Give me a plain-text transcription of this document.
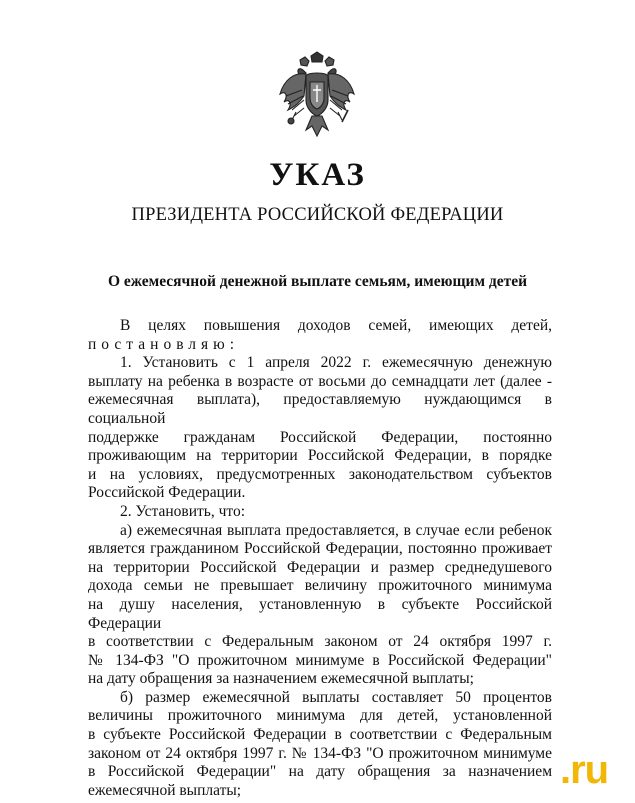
УКАЗ
ПРЕЗИДЕНТА РОССИЙСКОЙ ФЕДЕРАЦИИ
О ежемесячной денежной выплате семьям, имеющим детей

В целях повышения доходов семей, имеющих детей,

постановляю:

1. Установить с 1 апреля 2022 г. ежемесячную денежную

выплату на ребенка в возрасте от восьми до семнадцати лет (далее -

ежемесячная выплата), предоставляемую нуждающимся в социальной

поддержке гражданам Российской Федерации, постоянно

проживающим на территории Российской Федерации, в порядке

и на условиях, предусмотренных законодательством субъектов

Российской Федерации.

2. Установить, что:

а) ежемесячная выплата предоставляется, в случае если ребенок

является гражданином Российской Федерации, постоянно проживает

на территории Российской Федерации и размер среднедушевого

дохода семьи не превышает величину прожиточного минимума

на душу населения, установленную в субъекте Российской Федерации

в соответствии с Федеральным законом от 24 октября 1997 г.

№ 134-ФЗ "О прожиточном минимуме в Российской Федерации"

на дату обращения за назначением ежемесячной выплаты;

б) размер ежемесячной выплаты составляет 50 процентов

величины прожиточного минимума для детей, установленной

в субъекте Российской Федерации в соответствии с Федеральным

законом от 24 октября 1997 г. № 134-ФЗ "О прожиточном минимуме

в Российской Федерации" на дату обращения за назначением

ежемесячной выплаты;	.ru
